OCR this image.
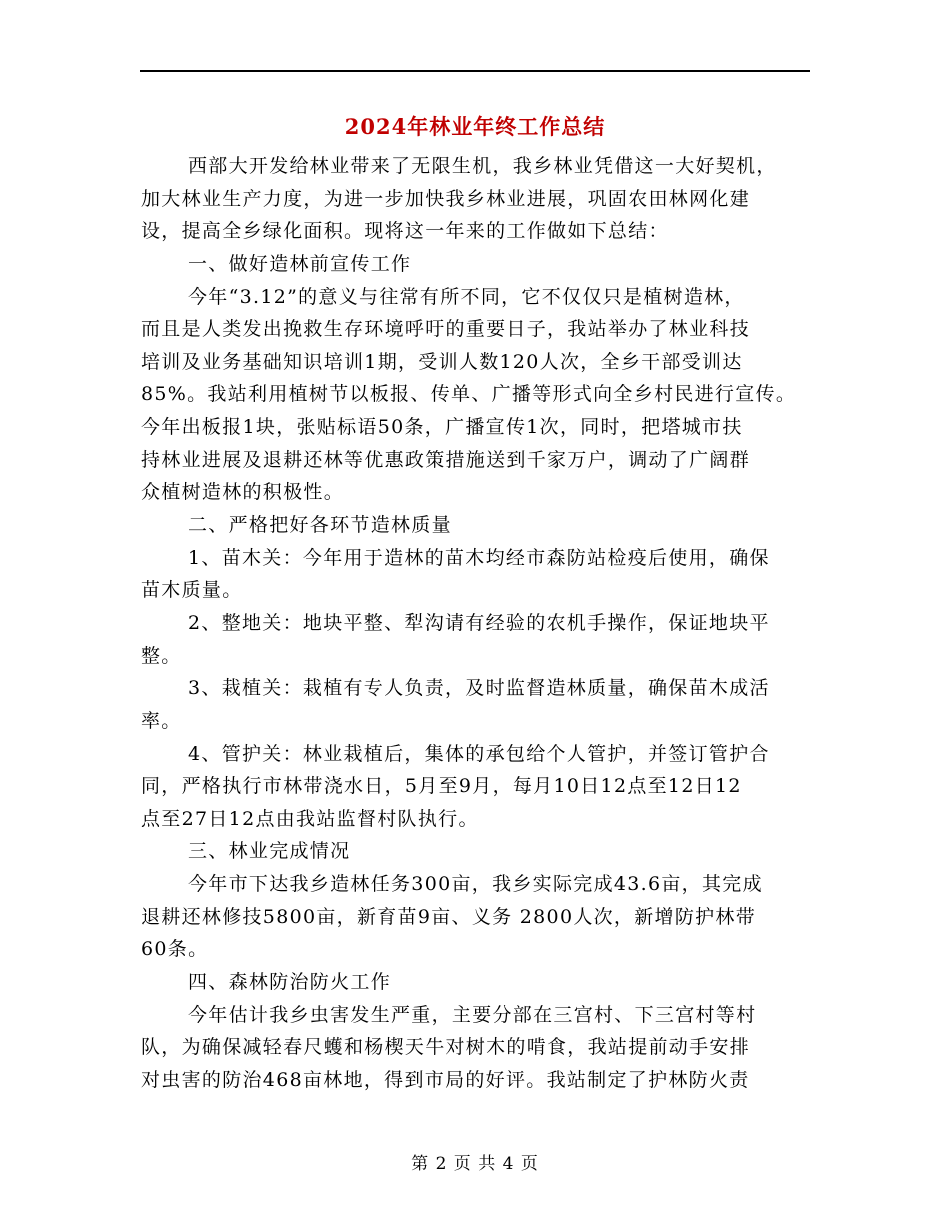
2024年林业年终工作总结
西部大开发给林业带来了无限生机，我乡林业凭借这一大好契机，
加大林业生产力度，为进一步加快我乡林业进展，巩固农田林网化建
设，提高全乡绿化面积。现将这一年来的工作做如下总结：
一、做好造林前宣传工作
今年“3.12”的意义与往常有所不同，它不仅仅只是植树造林，
而且是人类发出挽救生存环境呼吁的重要日子，我站举办了林业科技
培训及业务基础知识培训1期，受训人数120人次，全乡干部受训达
85%。我站利用植树节以板报、传单、广播等形式向全乡村民进行宣传。
今年出板报1块，张贴标语50条，广播宣传1次，同时，把塔城市扶
持林业进展及退耕还林等优惠政策措施送到千家万户，调动了广阔群
众植树造林的积极性。
二、严格把好各环节造林质量
1、苗木关：今年用于造林的苗木均经市森防站检疫后使用，确保
苗木质量。
2、整地关：地块平整、犁沟请有经验的农机手操作，保证地块平
整。
3、栽植关：栽植有专人负责，及时监督造林质量，确保苗木成活
率。
4、管护关：林业栽植后，集体的承包给个人管护，并签订管护合
同，严格执行市林带浇水日，5月至9月，每月10日12点至12日12
点至27日12点由我站监督村队执行。
三、林业完成情况
今年市下达我乡造林任务300亩，我乡实际完成43.6亩，其完成
退耕还林修技5800亩，新育苗9亩、义务 2800人次，新增防护林带
60条。
四、森林防治防火工作
今年估计我乡虫害发生严重，主要分部在三宫村、下三宫村等村
队，为确保减轻春尺蠖和杨楔天牛对树木的啃食，我站提前动手安排
对虫害的防治468亩林地，得到市局的好评。我站制定了护林防火责
第 2 页 共 4 页
